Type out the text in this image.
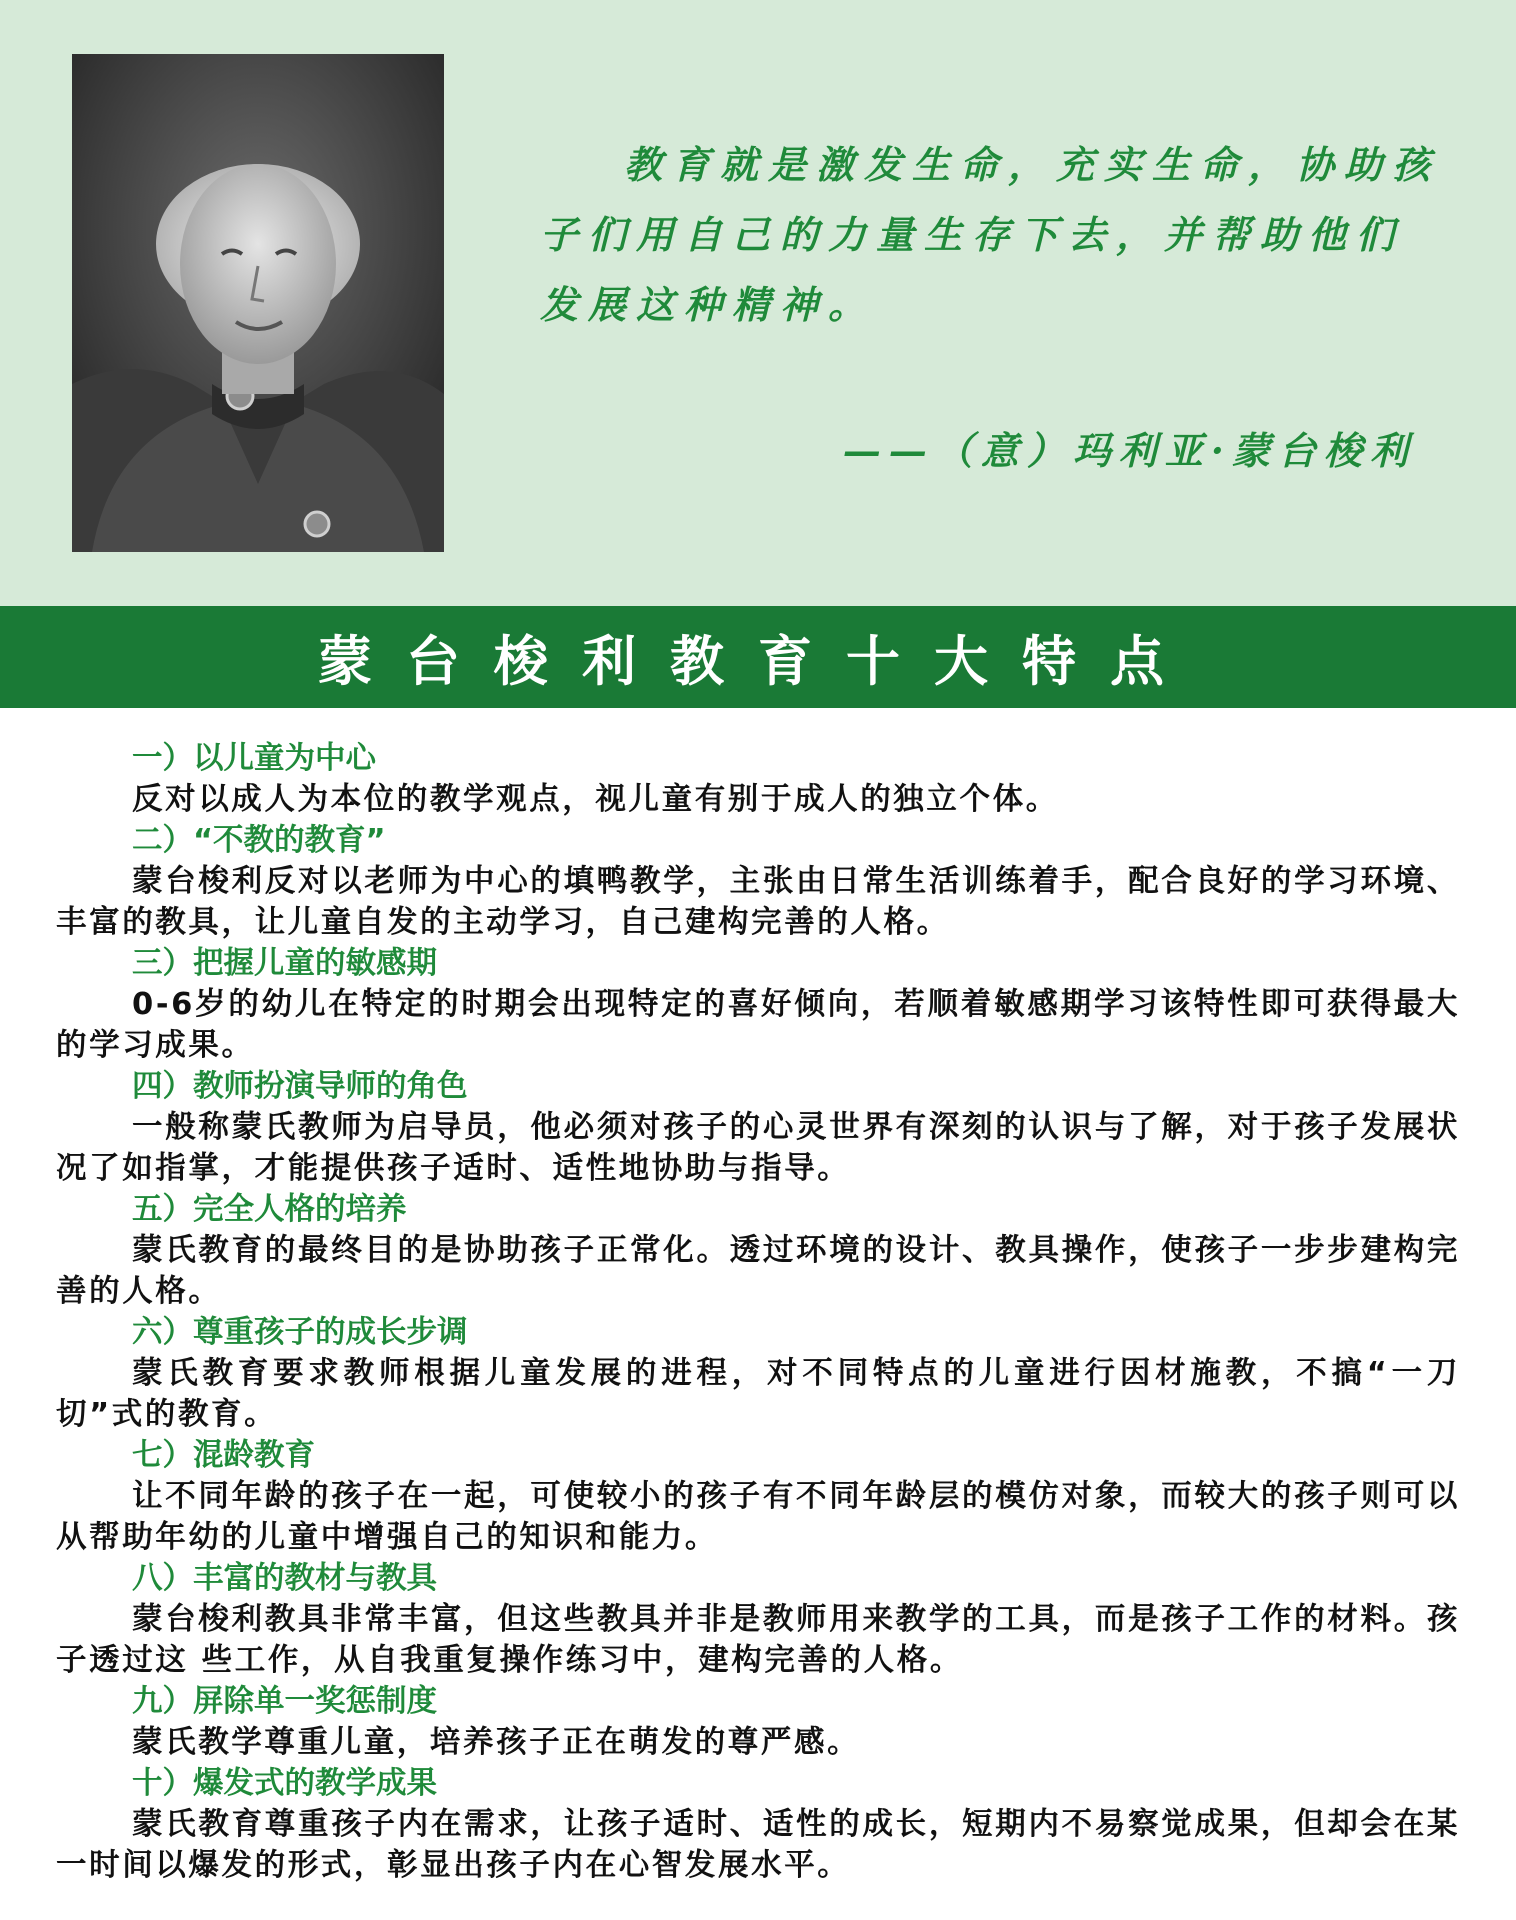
教育就是激发生命，充实生命，协助孩子们用自己的力量生存下去，并帮助他们发展这种精神。
——（意）玛利亚·蒙台梭利
蒙台梭利教育十大特点
一）以儿童为中心
反对以成人为本位的教学观点，视儿童有别于成人的独立个体。
二）“不教的教育”
蒙台梭利反对以老师为中心的填鸭教学，主张由日常生活训练着手，配合良好的学习环境、丰富的教具，让儿童自发的主动学习，自己建构完善的人格。
三）把握儿童的敏感期
0-6岁的幼儿在特定的时期会出现特定的喜好倾向，若顺着敏感期学习该特性即可获得最大的学习成果。
四）教师扮演导师的角色
一般称蒙氏教师为启导员，他必须对孩子的心灵世界有深刻的认识与了解，对于孩子发展状况了如指掌，才能提供孩子适时、适性地协助与指导。
五）完全人格的培养
蒙氏教育的最终目的是协助孩子正常化。透过环境的设计、教具操作，使孩子一步步建构完善的人格。
六）尊重孩子的成长步调
蒙氏教育要求教师根据儿童发展的进程，对不同特点的儿童进行因材施教，不搞“一刀切”式的教育。
七）混龄教育
让不同年龄的孩子在一起，可使较小的孩子有不同年龄层的模仿对象，而较大的孩子则可以从帮助年幼的儿童中增强自己的知识和能力。
八）丰富的教材与教具
蒙台梭利教具非常丰富，但这些教具并非是教师用来教学的工具，而是孩子工作的材料。孩子透过这 些工作，从自我重复操作练习中，建构完善的人格。
九）屏除单一奖惩制度
蒙氏教学尊重儿童，培养孩子正在萌发的尊严感。
十）爆发式的教学成果
蒙氏教育尊重孩子内在需求，让孩子适时、适性的成长，短期内不易察觉成果，但却会在某一时间以爆发的形式，彰显出孩子内在心智发展水平。
